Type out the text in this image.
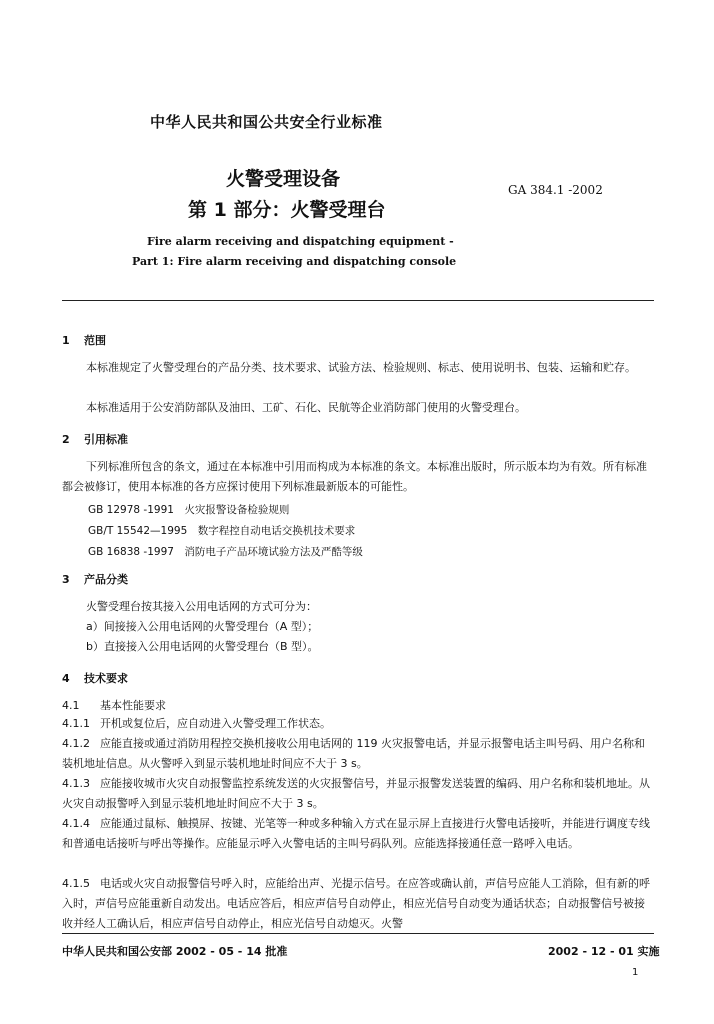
中华人民共和国公共安全行业标准
火警受理设备
第 1 部分：火警受理台
GA 384.1 -2002
Fire alarm receiving and dispatching equipment -
Part 1: Fire alarm receiving and dispatching console
1 范围
本标准规定了火警受理台的产品分类、技术要求、试验方法、检验规则、标志、使用说明书、包装、运输和贮存。
本标准适用于公安消防部队及油田、工矿、石化、民航等企业消防部门使用的火警受理台。
2 引用标准
下列标准所包含的条文，通过在本标准中引用而构成为本标准的条文。本标准出版时，所示版本均为有效。所有标准都会被修订，使用本标准的各方应探讨使用下列标准最新版本的可能性。
GB 12978 -1991　火灾报警设备检验规则
GB/T 15542—1995　数字程控自动电话交换机技术要求
GB 16838 -1997　消防电子产品环境试验方法及严酷等级
3 产品分类
火警受理台按其接入公用电话网的方式可分为：
a）间接接入公用电话网的火警受理台（A 型）；
b）直接接入公用电话网的火警受理台（B 型）。
4 技术要求
4.1 基本性能要求
4.1.1 开机或复位后，应自动进入火警受理工作状态。
4.1.2 应能直接或通过消防用程控交换机接收公用电话网的 119 火灾报警电话，并显示报警电话主叫号码、用户名称和装机地址信息。从火警呼入到显示装机地址时间应不大于 3 s。
4.1.3 应能接收城市火灾自动报警监控系统发送的火灾报警信号，并显示报警发送装置的编码、用户名称和装机地址。从火灾自动报警呼入到显示装机地址时间应不大于 3 s。
4.1.4 应能通过鼠标、触摸屏、按键、光笔等一种或多种输入方式在显示屏上直接进行火警电话接听，并能进行调度专线和普通电话接听与呼出等操作。应能显示呼入火警电话的主叫号码队列。应能选择接通任意一路呼入电话。
4.1.5 电话或火灾自动报警信号呼入时，应能给出声、光提示信号。在应答或确认前，声信号应能人工消除，但有新的呼入时，声信号应能重新自动发出。电话应答后，相应声信号自动停止，相应光信号自动变为通话状态；自动报警信号被接收并经人工确认后，相应声信号自动停止，相应光信号自动熄灭。火警
中华人民共和国公安部 2002 - 05 - 14 批准	2002 - 12 - 01 实施
1
